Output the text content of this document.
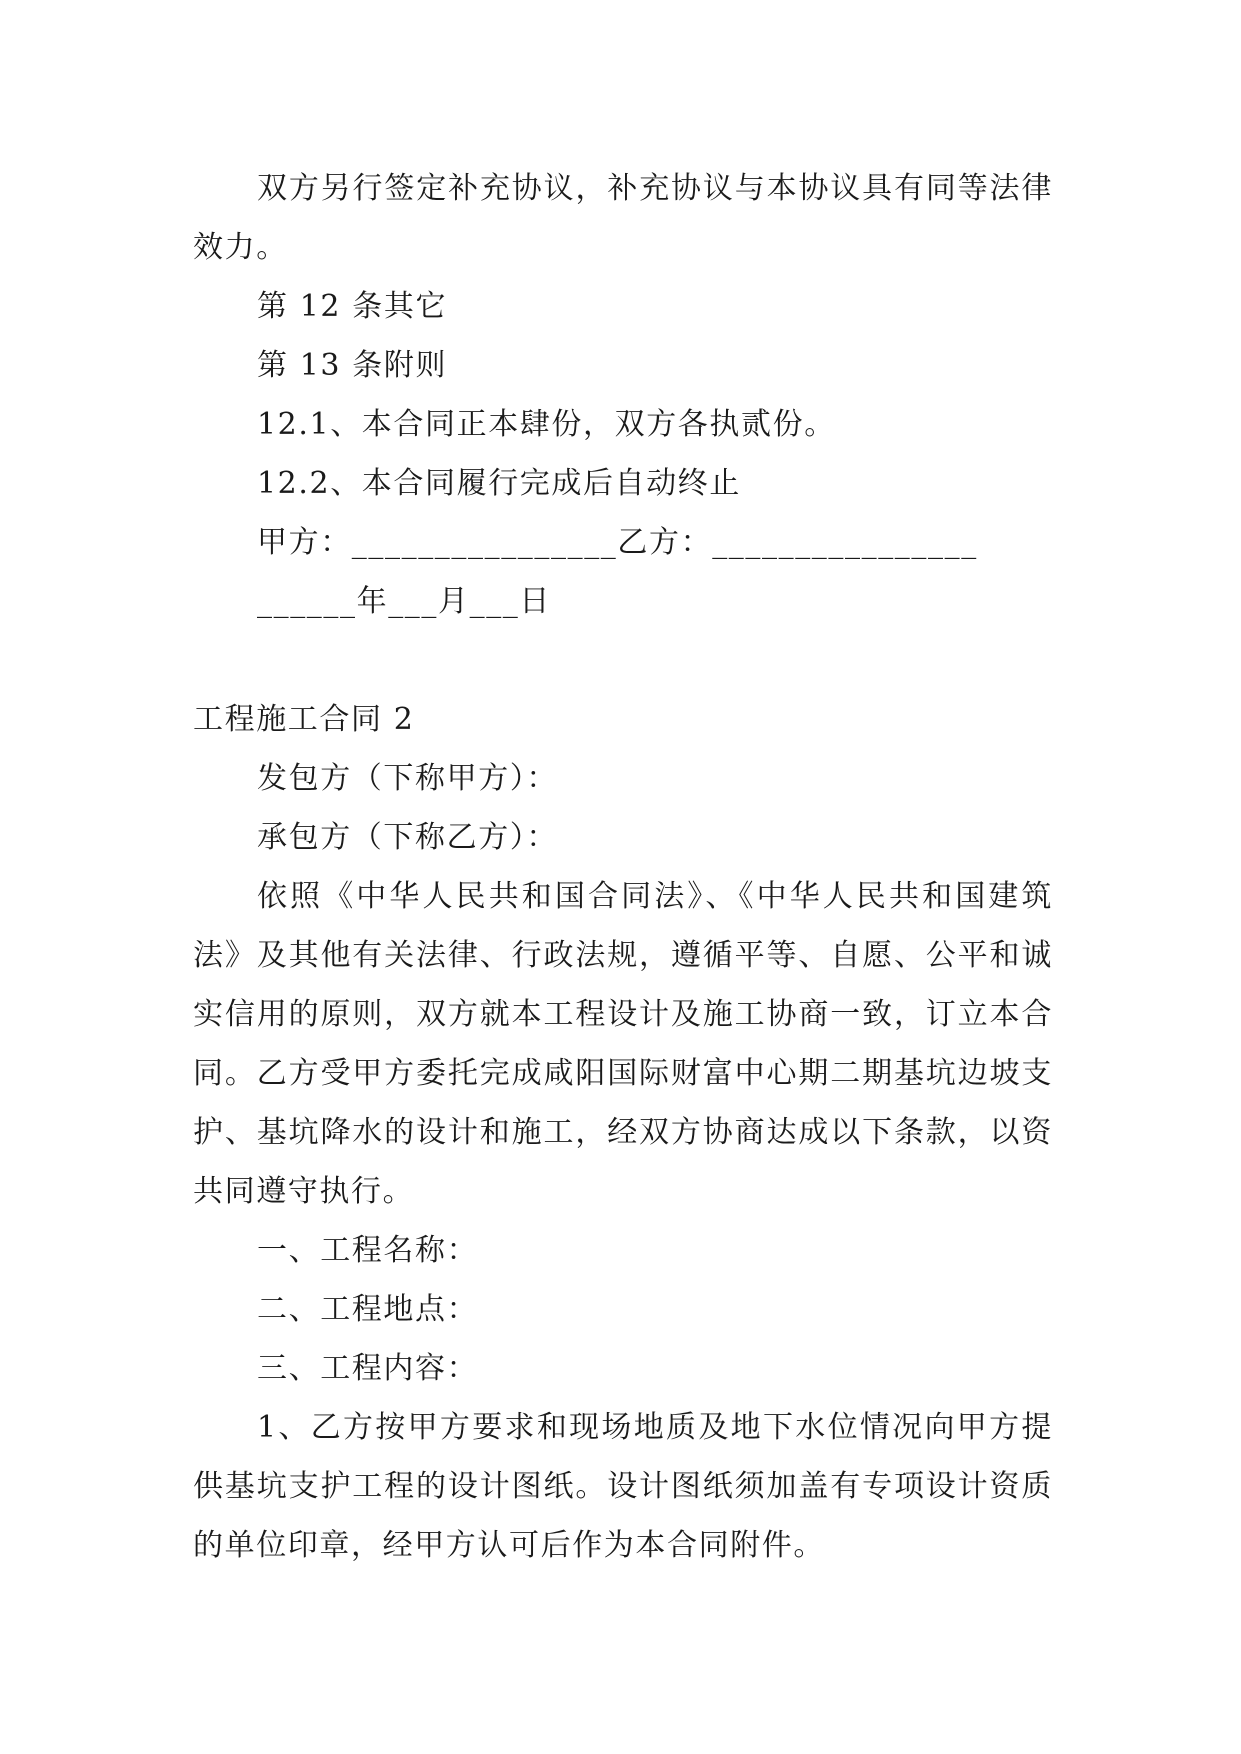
双方另行签定补充协议，补充协议与本协议具有同等法律效力。

第 12 条其它

第 13 条附则

12.1、本合同正本肆份，双方各执贰份。

12.2、本合同履行完成后自动终止

甲方：________________乙方：________________

______年___月___日

工程施工合同 2

发包方（下称甲方）：

承包方（下称乙方）：

依照《中华人民共和国合同法》、《中华人民共和国建筑法》及其他有关法律、行政法规，遵循平等、自愿、公平和诚实信用的原则，双方就本工程设计及施工协商一致，订立本合同。乙方受甲方委托完成咸阳国际财富中心期二期基坑边坡支护、基坑降水的设计和施工，经双方协商达成以下条款，以资共同遵守执行。

一、工程名称：

二、工程地点：

三、工程内容：

1、乙方按甲方要求和现场地质及地下水位情况向甲方提供基坑支护工程的设计图纸。设计图纸须加盖有专项设计资质的单位印章，经甲方认可后作为本合同附件。
